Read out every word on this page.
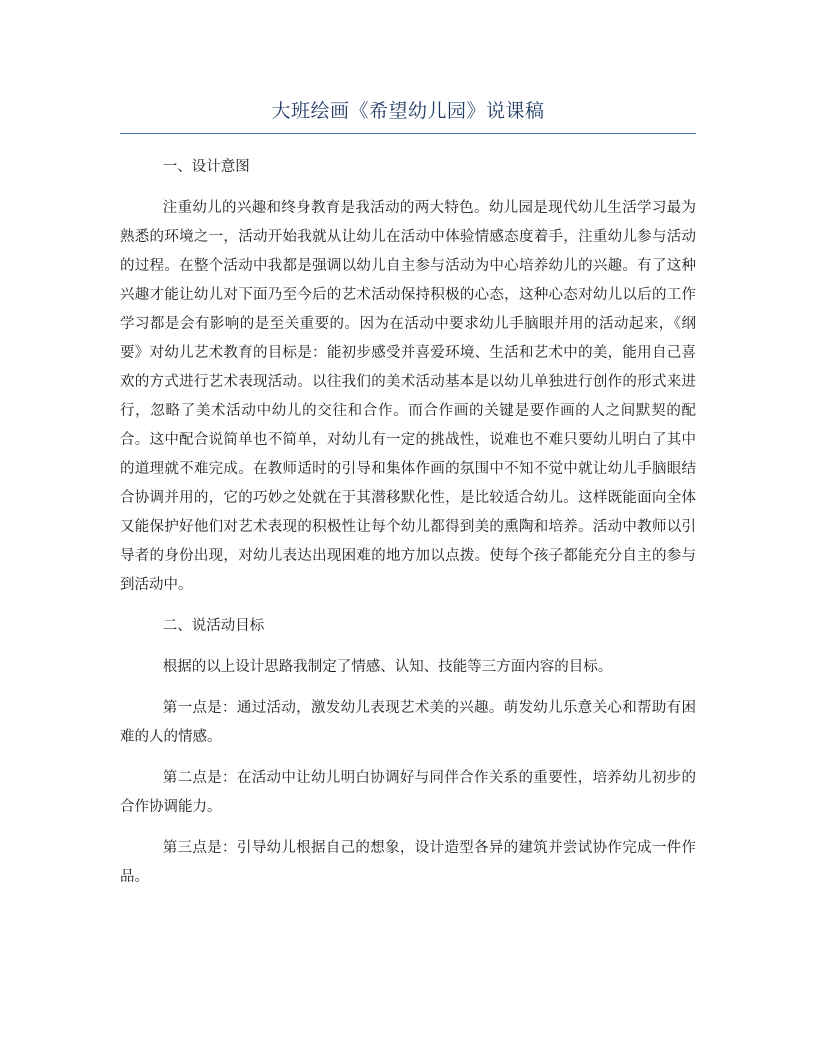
大班绘画《希望幼儿园》说课稿

一、设计意图

注重幼儿的兴趣和终身教育是我活动的两大特色。幼儿园是现代幼儿生活学习最为熟悉的环境之一，活动开始我就从让幼儿在活动中体验情感态度着手，注重幼儿参与活动的过程。在整个活动中我都是强调以幼儿自主参与活动为中心培养幼儿的兴趣。有了这种兴趣才能让幼儿对下面乃至今后的艺术活动保持积极的心态，这种心态对幼儿以后的工作学习都是会有影响的是至关重要的。因为在活动中要求幼儿手脑眼并用的活动起来，《纲要》对幼儿艺术教育的目标是：能初步感受并喜爱环境、生活和艺术中的美，能用自己喜欢的方式进行艺术表现活动。以往我们的美术活动基本是以幼儿单独进行创作的形式来进行，忽略了美术活动中幼儿的交往和合作。而合作画的关键是要作画的人之间默契的配合。这中配合说简单也不简单，对幼儿有一定的挑战性，说难也不难只要幼儿明白了其中的道理就不难完成。在教师适时的引导和集体作画的氛围中不知不觉中就让幼儿手脑眼结合协调并用的，它的巧妙之处就在于其潜移默化性，是比较适合幼儿。这样既能面向全体又能保护好他们对艺术表现的积极性让每个幼儿都得到美的熏陶和培养。活动中教师以引导者的身份出现，对幼儿表达出现困难的地方加以点拨。使每个孩子都能充分自主的参与到活动中。

二、说活动目标

根据的以上设计思路我制定了情感、认知、技能等三方面内容的目标。

第一点是：通过活动，激发幼儿表现艺术美的兴趣。萌发幼儿乐意关心和帮助有困难的人的情感。

第二点是：在活动中让幼儿明白协调好与同伴合作关系的重要性，培养幼儿初步的合作协调能力。

第三点是：引导幼儿根据自己的想象，设计造型各异的建筑并尝试协作完成一件作品。
